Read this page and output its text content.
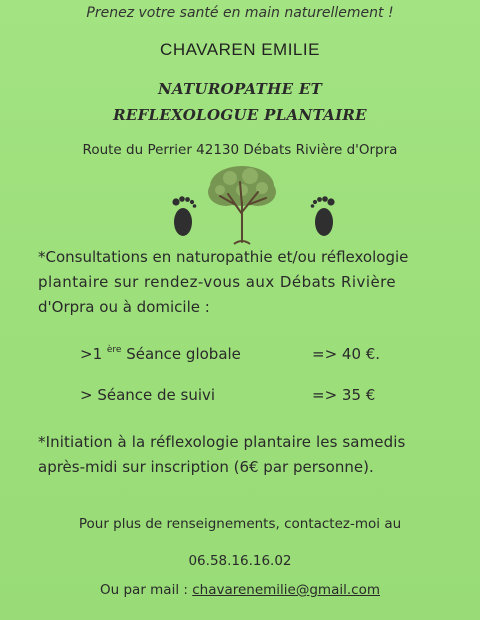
Prenez votre santé en main naturellement !
CHAVAREN EMILIE
NATUROPATHE ET
REFLEXOLOGUE PLANTAIRE
Route du Perrier 42130 Débats Rivière d'Orpra
*Consultations en naturopathie et/ou réflexologie
plantaire sur rendez-vous aux Débats Rivière
d'Orpra ou à domicile :
>1 $^{ère}$ Séance globale	=> 40 €.
> Séance de suivi	=> 35 €
*Initiation à la réflexologie plantaire les samedis
après-midi sur inscription (6€ par personne).
Pour plus de renseignements, contactez-moi au
06.58.16.16.02
Ou par mail : chavarenemilie@gmail.com
